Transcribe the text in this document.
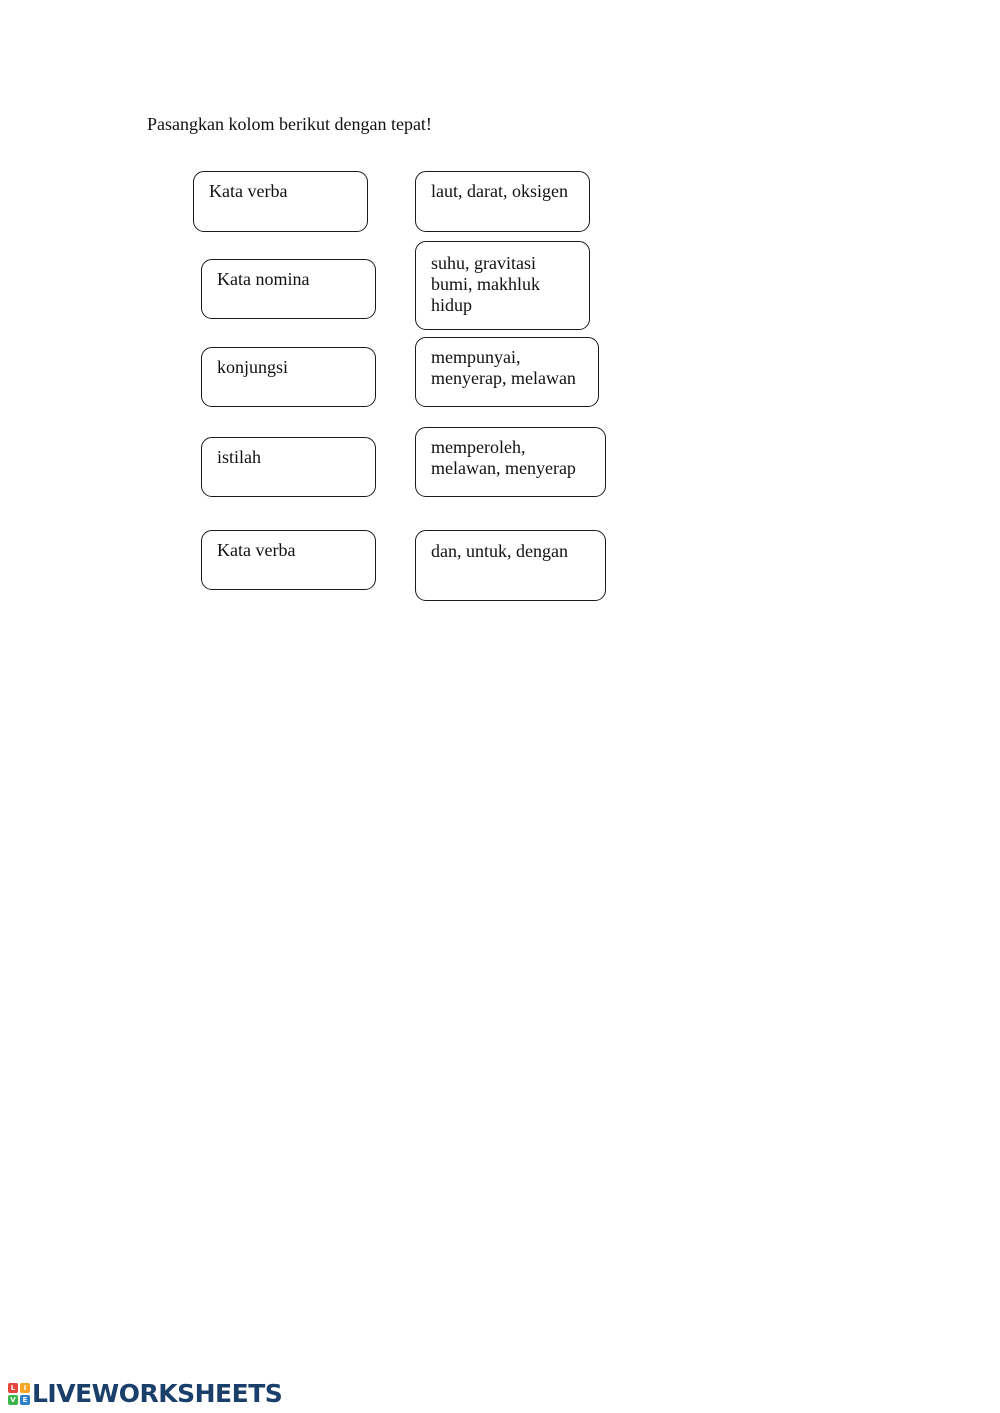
Pasangkan kolom berikut dengan tepat!
Kata verba
Kata nomina
konjungsi
istilah
Kata verba
laut, darat, oksigen
suhu, gravitasi
bumi, makhluk
hidup
mempunyai,
menyerap, melawan
memperoleh,
melawan, menyerap
dan, untuk, dengan
L	I
V E LIVEWORKSHEETS
